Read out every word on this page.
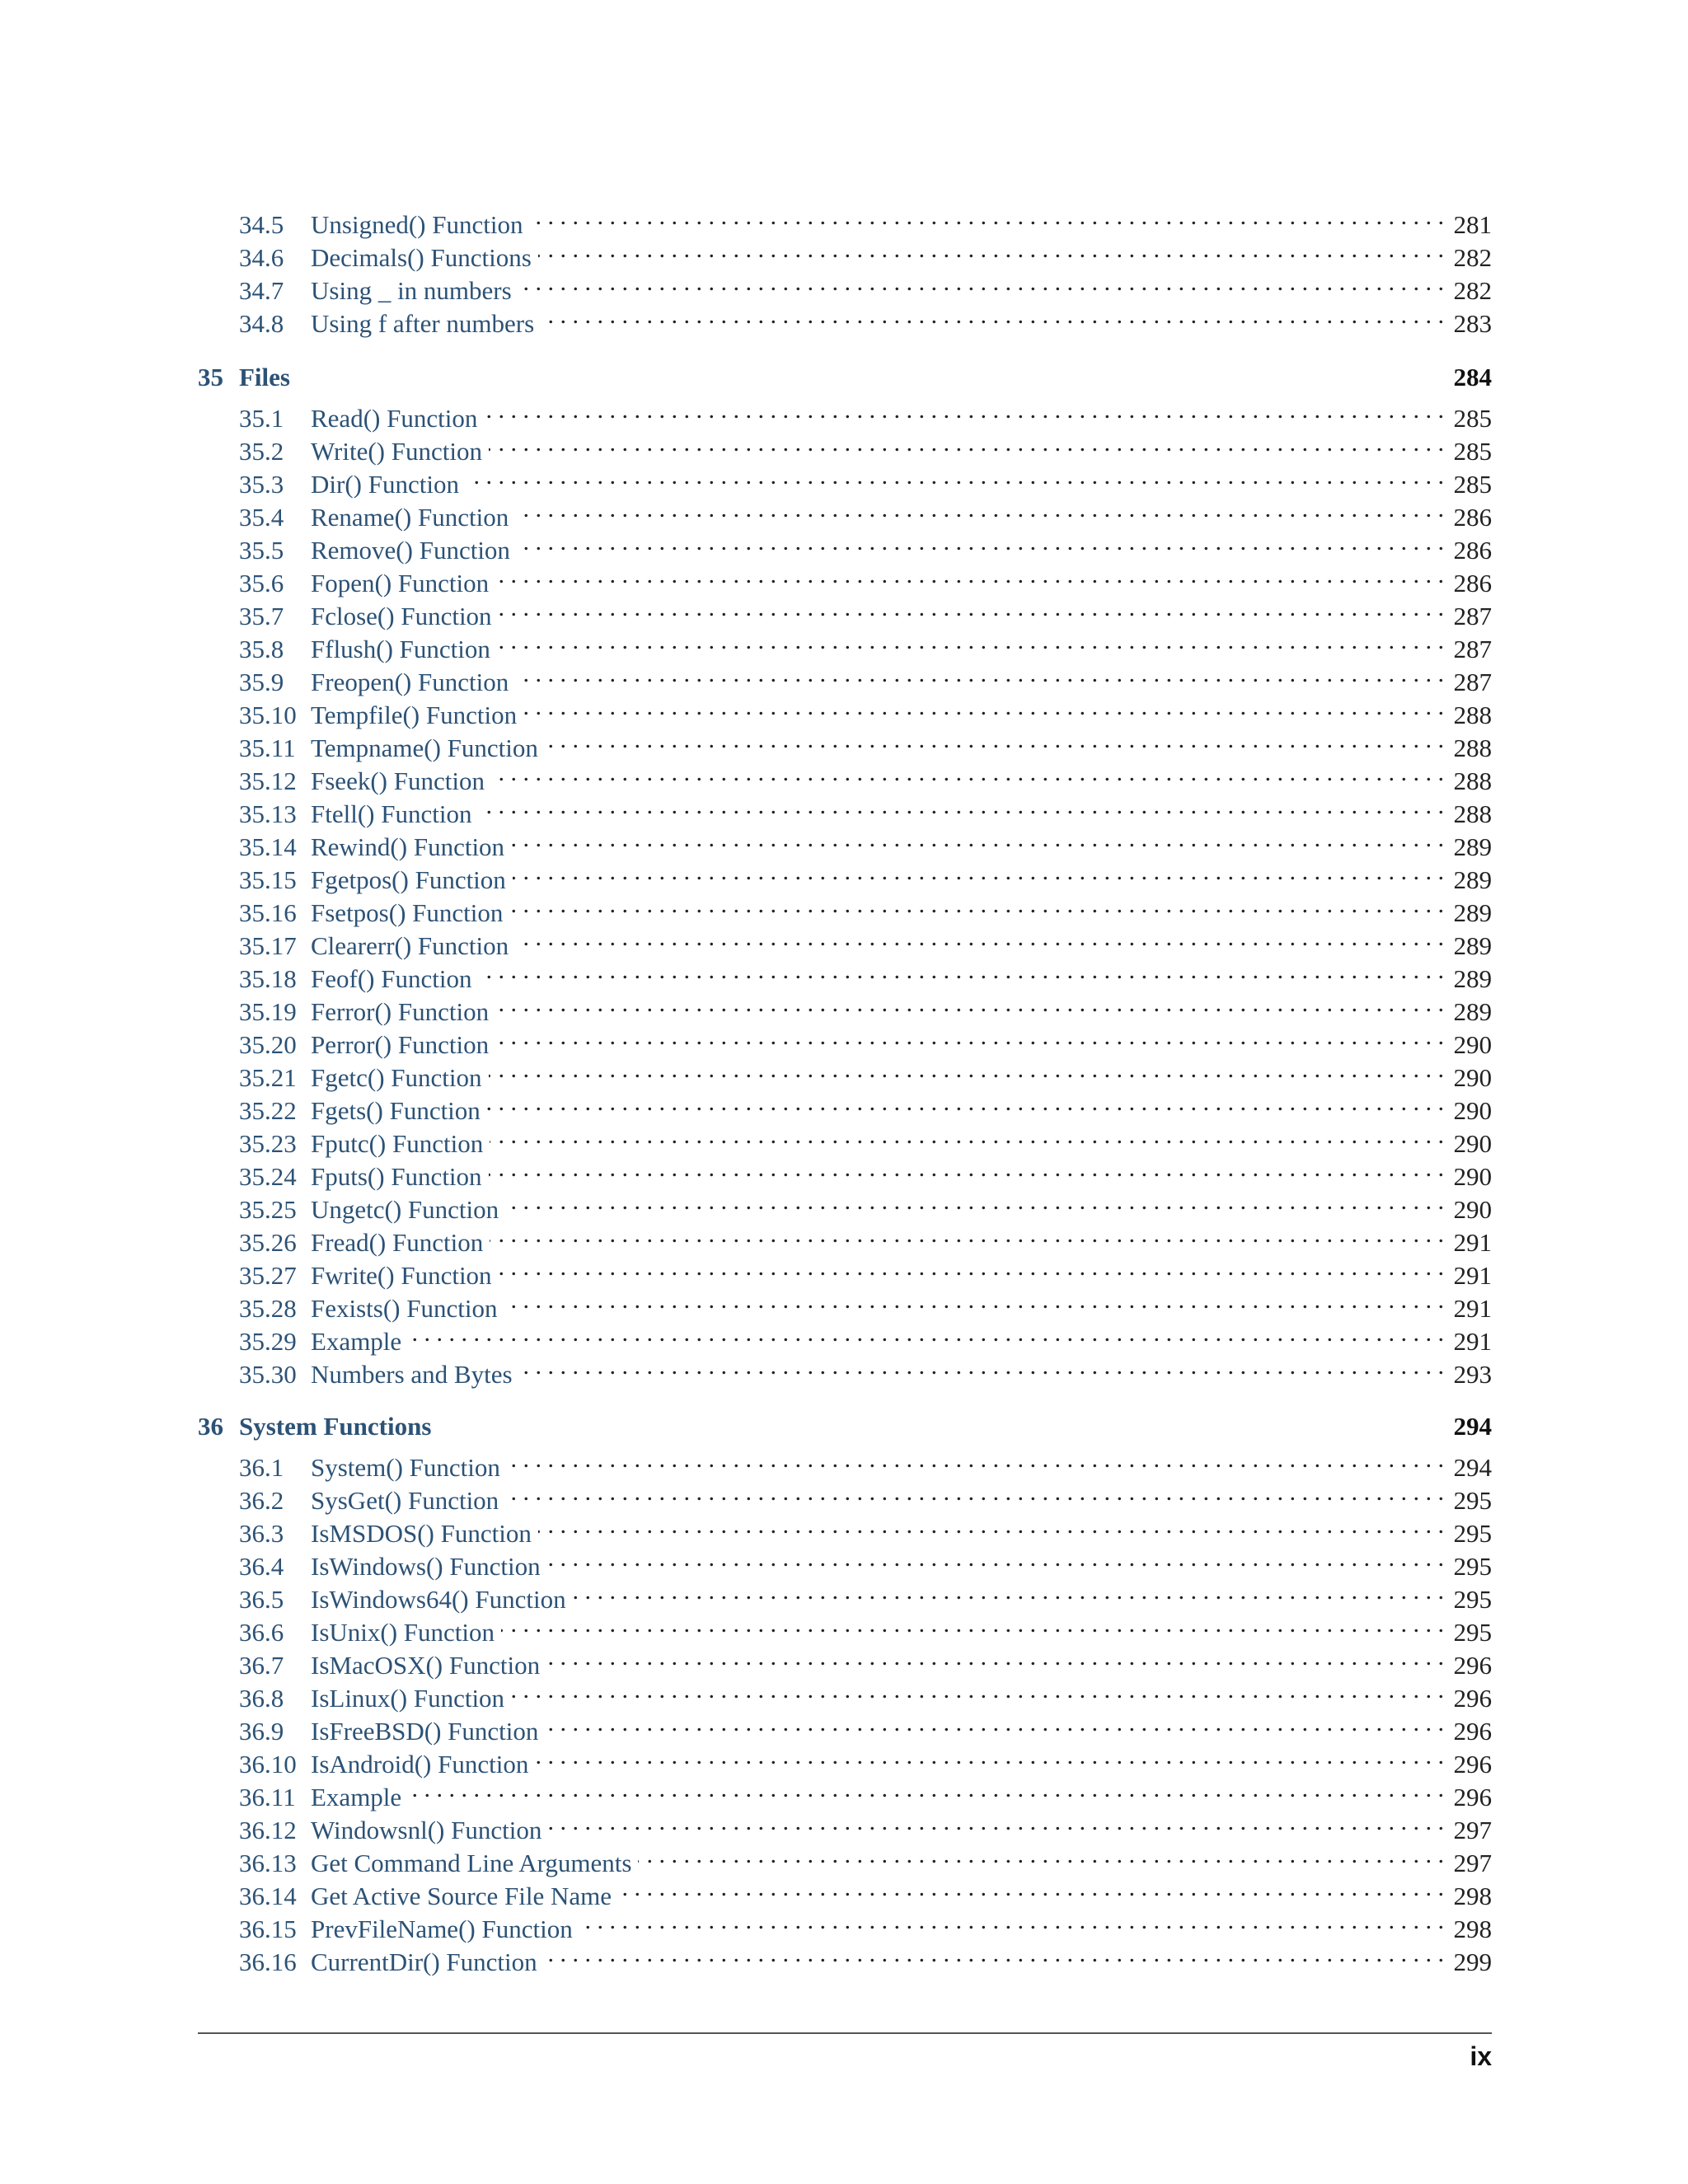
34.5	Unsigned() Function . . .	281
34.6	Decimals() Functions . . .	282
34.7	Using _ in numbers . . .	282
34.8	Using f after numbers . . .	283
35 Files	284
35.1	Read() Function . . .	285
35.2	Write() Function . . .	285
35.3	Dir() Function . . .	285
35.4	Rename() Function . . .	286
35.5	Remove() Function . . .	286
35.6	Fopen() Function . . .	286
35.7	Fclose() Function . . .	287
35.8	Fflush() Function . . .	287
35.9	Freopen() Function . . .	287
35.10 Tempfile() Function . . .	288
35.11 Tempname() Function . . .	288
35.12 Fseek() Function . . .	288
35.13 Ftell() Function . . .	288
35.14 Rewind() Function . . .	289
35.15 Fgetpos() Function . . .	289
35.16 Fsetpos() Function . . .	289
35.17 Clearerr() Function . . .	289
35.18 Feof() Function . . .	289
35.19 Ferror() Function . . .	289
35.20 Perror() Function . . .	290
35.21 Fgetc() Function . . .	290
35.22 Fgets() Function . . .	290
35.23 Fputc() Function . . .	290
35.24 Fputs() Function . . .	290
35.25 Ungetc() Function . . .	290
35.26 Fread() Function . . .	291
35.27 Fwrite() Function . . .	291
35.28 Fexists() Function . . .	291
35.29 Example . . .	291
35.30 Numbers and Bytes . . .	293
36 System Functions	294
36.1	System() Function . . .	294
36.2	SysGet() Function . . .	295
36.3	IsMSDOS() Function . . .	295
36.4	IsWindows() Function . . .	295
36.5	IsWindows64() Function . . .	295
36.6	IsUnix() Function . . .	295
36.7	IsMacOSX() Function . . .	296
36.8	IsLinux() Function . . .	296
36.9	IsFreeBSD() Function . . .	296
36.10 IsAndroid() Function . . .	296
36.11 Example . . .	296
36.12 Windowsnl() Function . . .	297
36.13 Get Command Line Arguments . . .	297
36.14 Get Active Source File Name . . .	298
36.15 PrevFileName() Function . . .	298
36.16 CurrentDir() Function . . .	299
ix
